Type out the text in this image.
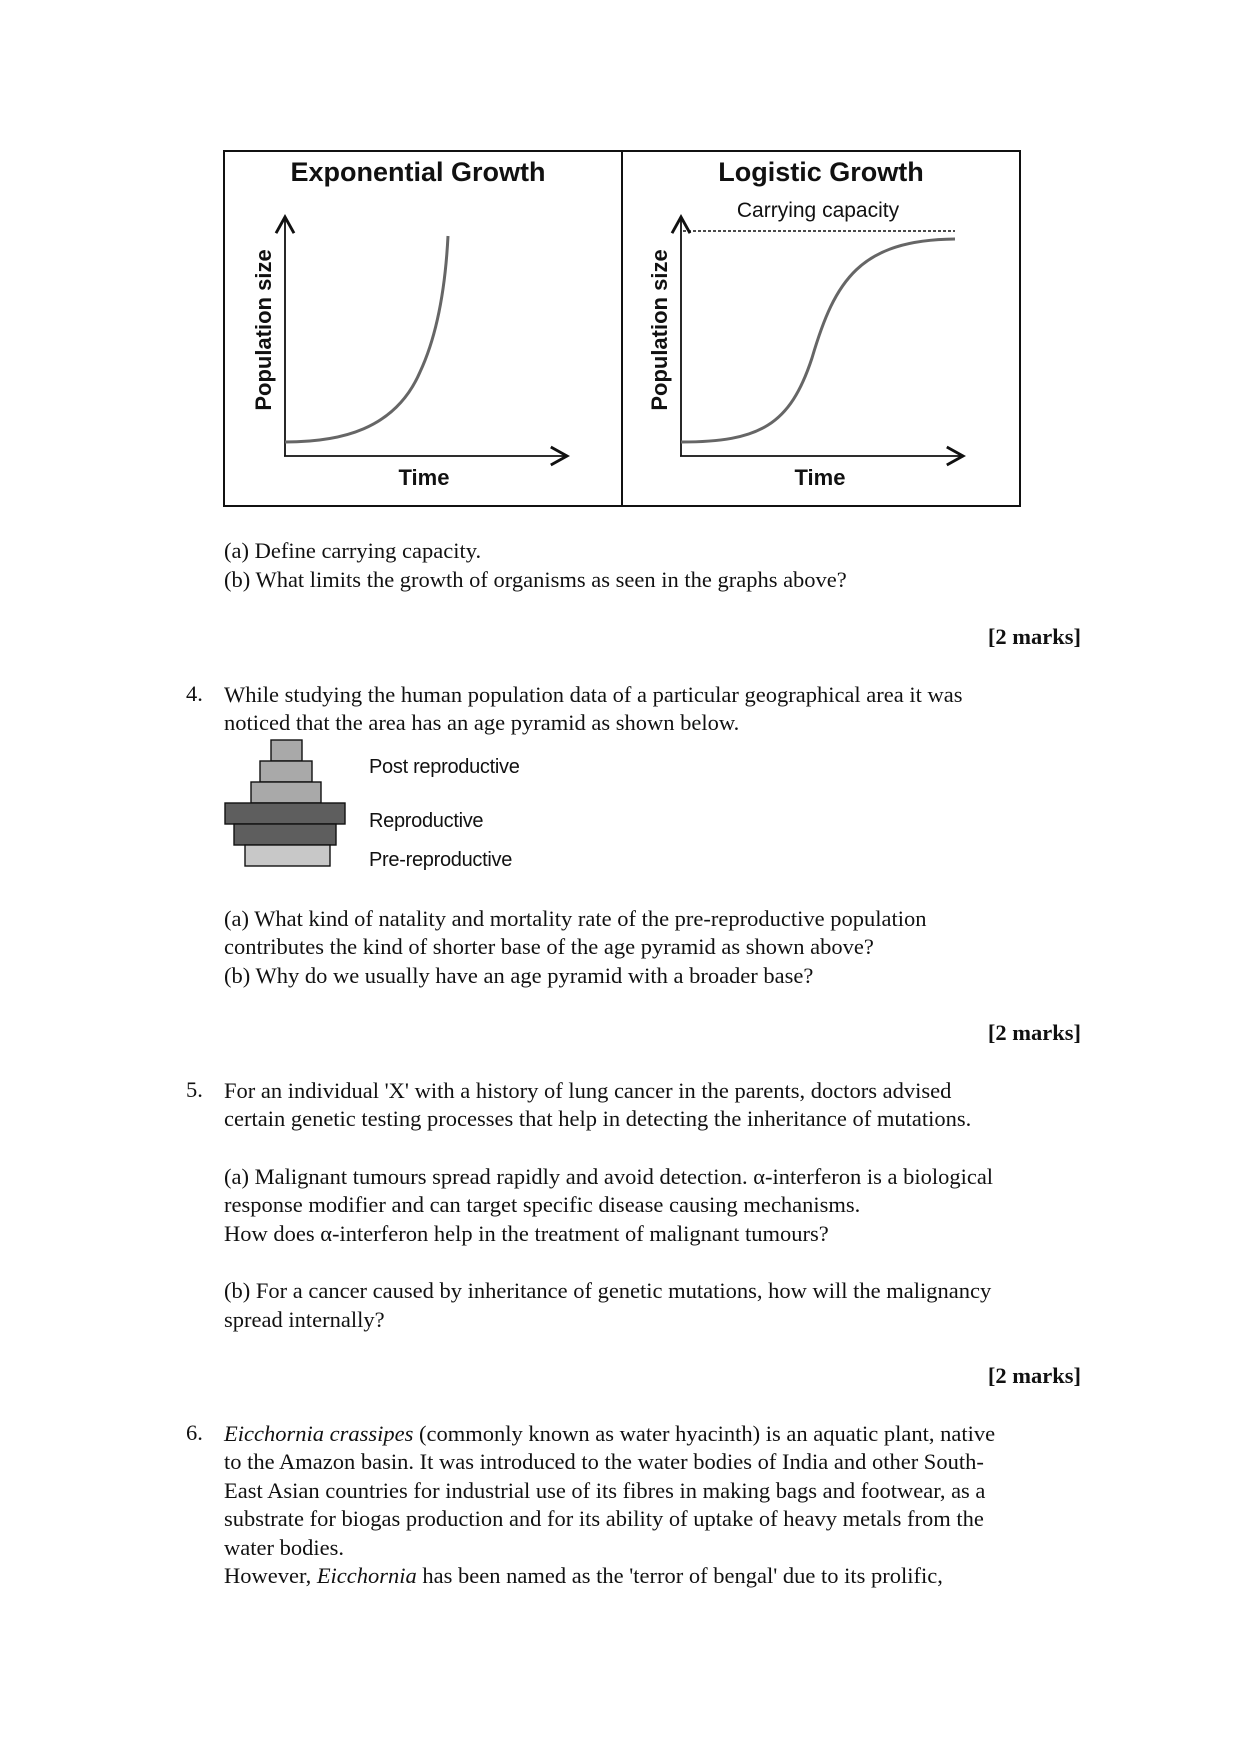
Exponential Growth
Population size
Time
Logistic Growth
Carrying capacity
Population size
Time

(a) Define carrying capacity.

(b) What limits the growth of organisms as seen in the graphs above?

[2 marks]

4. While studying the human population data of a particular geographical area it was

noticed that the area has an age pyramid as shown below.

Post reproductive
Reproductive
Pre-reproductive

(a) What kind of natality and mortality rate of the pre-reproductive population

contributes the kind of shorter base of the age pyramid as shown above?

(b) Why do we usually have an age pyramid with a broader base?

[2 marks]

5. For an individual 'X' with a history of lung cancer in the parents, doctors advised

certain genetic testing processes that help in detecting the inheritance of mutations.

(a) Malignant tumours spread rapidly and avoid detection. α-interferon is a biological

response modifier and can target specific disease causing mechanisms.

How does α-interferon help in the treatment of malignant tumours?

(b) For a cancer caused by inheritance of genetic mutations, how will the malignancy

spread internally?

[2 marks]

6. Eicchornia crassipes (commonly known as water hyacinth) is an aquatic plant, native

to the Amazon basin. It was introduced to the water bodies of India and other South-

East Asian countries for industrial use of its fibres in making bags and footwear, as a

substrate for biogas production and for its ability of uptake of heavy metals from the

water bodies.

However, Eicchornia has been named as the 'terror of bengal' due to its prolific,
